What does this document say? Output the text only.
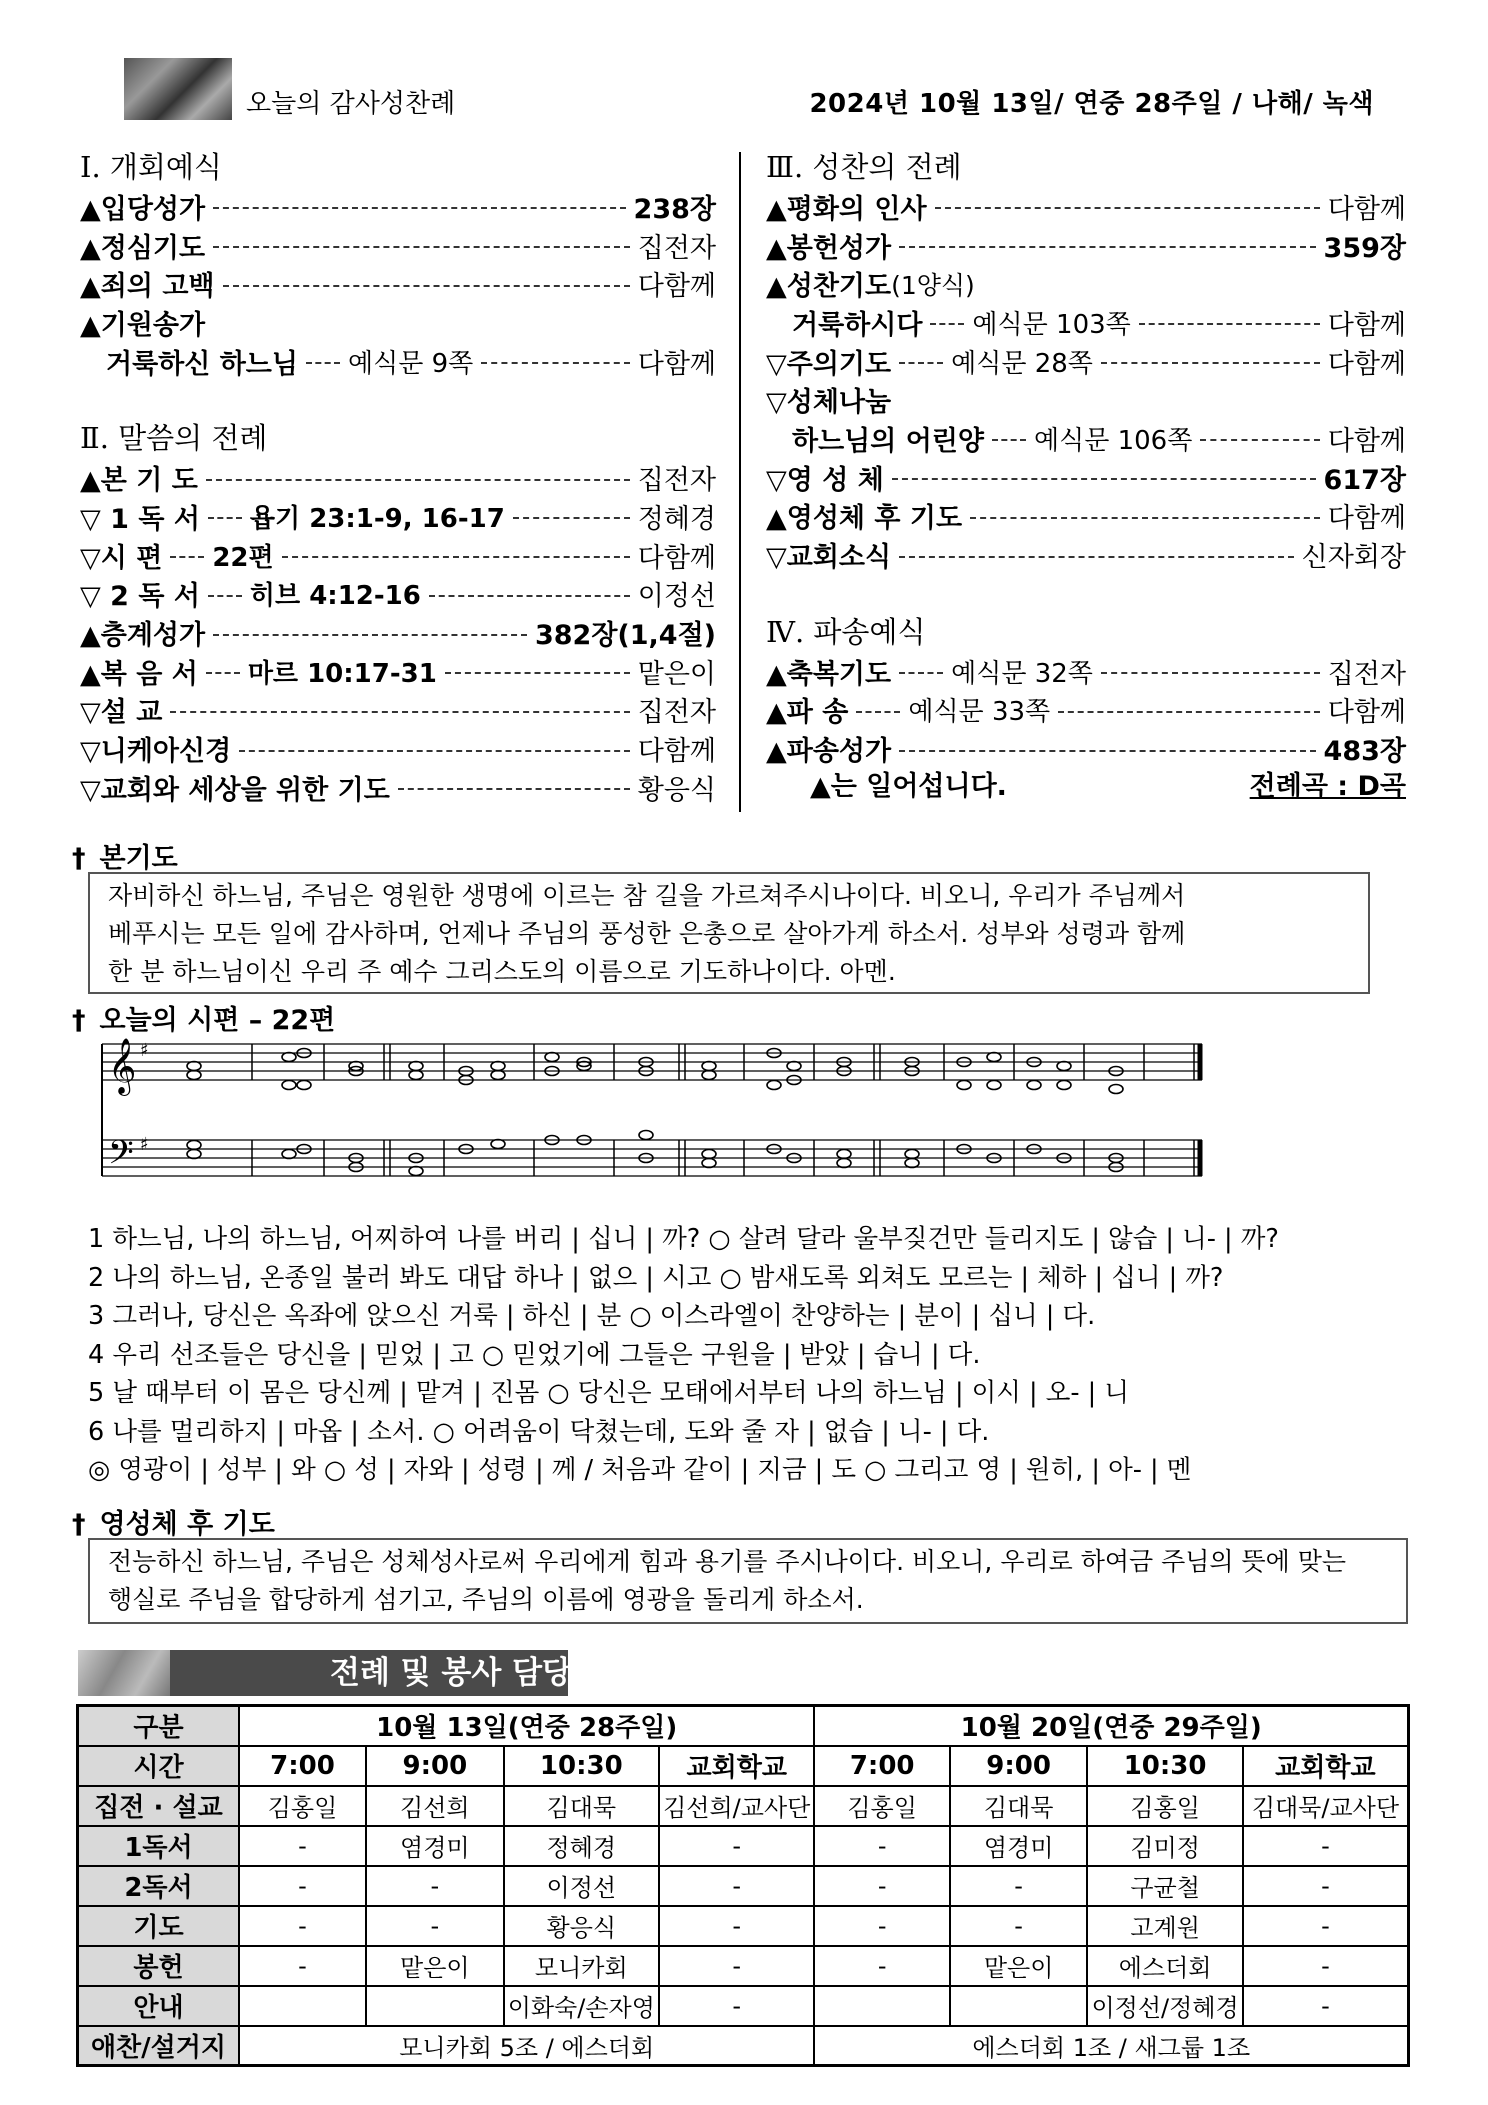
오늘의 감사성찬례	2024년 10월 13일/ 연중 28주일 / 나해/ 녹색
Ⅰ. 개회예식
▲입당성가	238장
▲정심기도	집전자
▲죄의 고백	다함께
▲기원송가
거룩하신 하느님 예식문 9쪽	다함께
Ⅱ. 말씀의 전례
▲본 기 도	집전자
▽ 1 독 서 욥기 23:1-9, 16-17	정혜경
▽시 편 22편	다함께
▽ 2 독 서 히브 4:12-16	이정선
▲층계성가	382장(1,4절)
▲복 음 서 마르 10:17-31	맡은이
▽설 교	집전자
▽니케아신경	다함께
▽교회와 세상을 위한 기도	황응식
Ⅲ. 성찬의 전례
▲평화의 인사	다함께
▲봉헌성가	359장
▲성찬기도 (1양식)
거룩하시다 예식문 103쪽	다함께
▽주의기도 예식문 28쪽	다함께
▽성체나눔
하느님의 어린양 예식문 106쪽	다함께
▽영 성 체	617장
▲영성체 후 기도	다함께
▽교회소식	신자회장
Ⅳ. 파송예식
▲축복기도 예식문 32쪽	집전자
▲파 송 예식문 33쪽	다함께
▲파송성가	483장
▲는 일어섭니다.	전례곡 : D곡
† 본기도
자비하신 하느님, 주님은 영원한 생명에 이르는 참 길을 가르쳐주시나이다. 비오니, 우리가 주님께서
베푸시는 모든 일에 감사하며, 언제나 주님의 풍성한 은총으로 살아가게 하소서. 성부와 성령과 함께
한 분 하느님이신 우리 주 예수 그리스도의 이름으로 기도하나이다. 아멘.
† 오늘의 시편 – 22편
𝄞
𝄢
♯
♯
1 하느님, 나의 하느님, 어찌하여 나를 버리 | 십니 | 까? ○ 살려 달라 울부짖건만 들리지도 | 않습 | 니- | 까?
2 나의 하느님, 온종일 불러 봐도 대답 하나 | 없으 | 시고 ○ 밤새도록 외쳐도 모르는 | 체하 | 십니 | 까?
3 그러나, 당신은 옥좌에 앉으신 거룩 | 하신 | 분 ○ 이스라엘이 찬양하는 | 분이 | 십니 | 다.
4 우리 선조들은 당신을 | 믿었 | 고 ○ 믿었기에 그들은 구원을 | 받았 | 습니 | 다.
5 날 때부터 이 몸은 당신께 | 맡겨 | 진몸 ○ 당신은 모태에서부터 나의 하느님 | 이시 | 오- | 니
6 나를 멀리하지 | 마옵 | 소서. ○ 어려움이 닥쳤는데, 도와 줄 자 | 없습 | 니- | 다.
◎ 영광이 | 성부 | 와 ○ 성 | 자와 | 성령 | 께 / 처음과 같이 | 지금 | 도 ○ 그리고 영 | 원히, | 아- | 멘
† 영성체 후 기도
전능하신 하느님, 주님은 성체성사로써 우리에게 힘과 용기를 주시나이다. 비오니, 우리로 하여금 주님의 뜻에 맞는
행실로 주님을 합당하게 섬기고, 주님의 이름에 영광을 돌리게 하소서.
전례 및 봉사 담당
구분	10월 13일(연중 28주일)				10월 20일(연중 29주일)			
시간	7:00	9:00	10:30	교회학교	7:00	9:00	10:30	교회학교
집전 · 설교	김홍일	김선희	김대묵	김선희/교사단	김홍일	김대묵	김홍일	김대묵/교사단
1독서	-	염경미	정혜경	-	-	염경미	김미정	-
2독서	-	-	이정선	-	-	-	구균철	-
기도	-	-	황응식	-	-	-	고계원	-
봉헌	-	맡은이	모니카회	-	-	맡은이	에스더회	-
안내			이화숙/손자영	-			이정선/정혜경	-
애찬/설거지	모니카회 5조 / 에스더회				에스더회 1조 / 새그룹 1조			
